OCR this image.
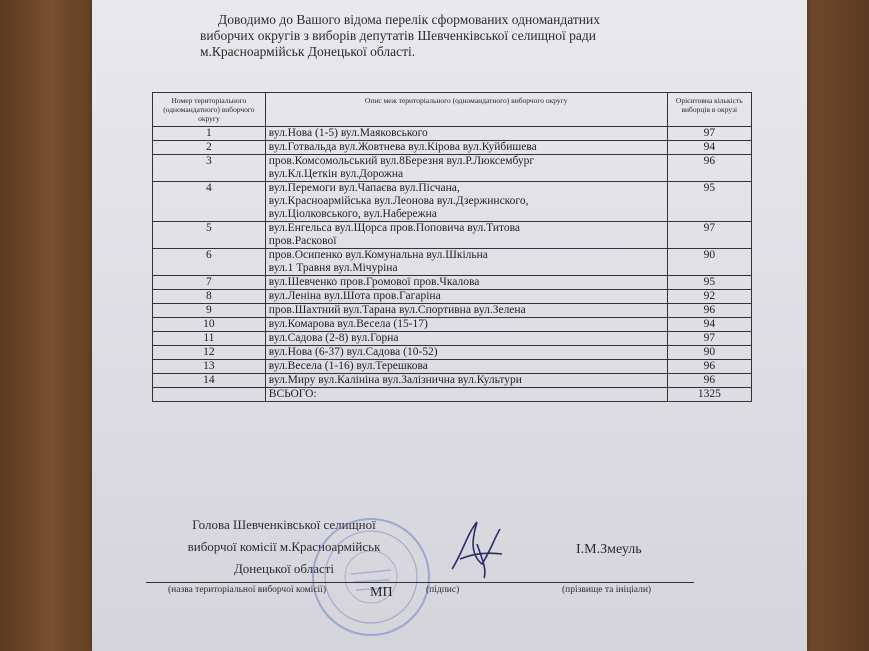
Доводимо до Вашого відома перелік сформованих одномандатних

виборчих округів з виборів депутатів Шевченківської селищної ради

м.Красноармійськ Донецької області.

Номер територіального (одномандатного) виборчого округу	Опис меж територіального (одномандатного) виборчого округу	Орієнтовна кількість виборців в окрузі
1	вул.Нова (1-5) вул.Маяковського	97
2	вул.Готвальда вул.Жовтнева вул.Кірова вул.Куйбишева	94
3	пров.Комсомольський вул.8Березня вул.Р.Люксембург
вул.Кл.Цеткін вул.Дорожна	96
4	вул.Перемоги вул.Чапаєва вул.Пісчана,
вул.Красноармійська вул.Леонова вул.Дзержинского,
вул.Ціолковського, вул.Набережна	95
5	вул.Енгельса вул.Щорса пров.Поповича вул.Титова
пров.Раскової	97
6	пров.Осипенко вул.Комунальна вул.Шкільна
вул.1 Травня вул.Мічуріна	90
7	вул.Шевченко пров.Громової пров.Чкалова	95
8	вул.Леніна вул.Шота пров.Гагаріна	92
9	пров.Шахтний вул.Тарана вул.Спортивна вул.Зелена	96
10	вул.Комарова вул.Весела (15-17)	94
11	вул.Садова (2-8) вул.Горна	97
12	вул.Нова (6-37) вул.Садова (10-52)	90
13	вул.Весела (1-16) вул.Терешкова	96
14	вул.Миру вул.Калініна вул.Залізнична вул.Культури	96
	ВСЬОГО:	1325

Голова Шевченківської селищної

виборчої комісії м.Красноармійськ

Донецької області

І.М.Змеуль
(назва територіальної виборчої комісії)	МП	(підпис)	(прізвище та ініціали)
